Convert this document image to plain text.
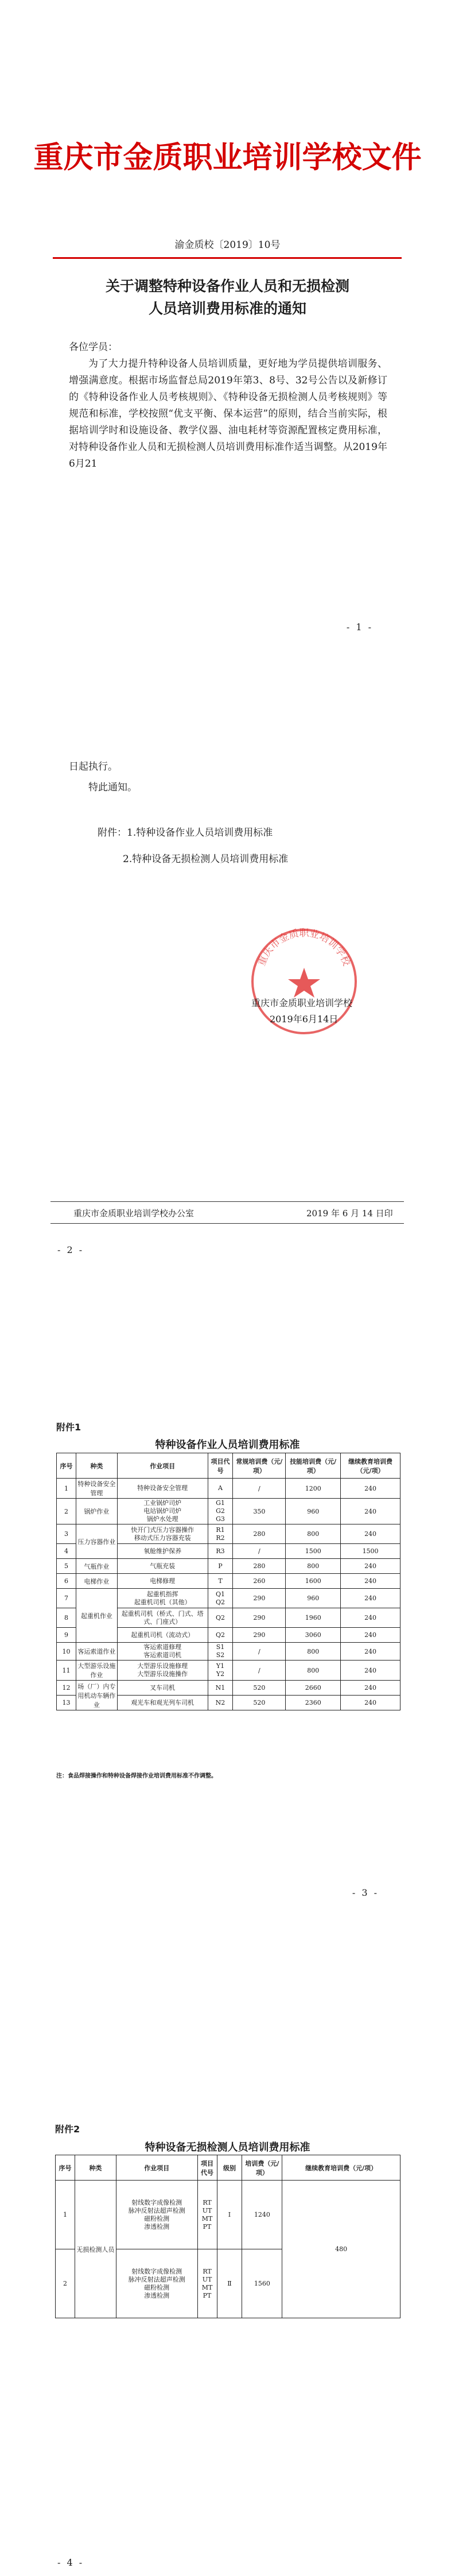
重庆市金质职业培训学校文件
渝金质校〔2019〕10号
关于调整特种设备作业人员和无损检测
人员培训费用标准的通知
各位学员：

为了大力提升特种设备人员培训质量，更好地为学员提供培训服务、增强满意度。根据市场监督总局2019年第3、8号、32号公告以及新修订的《特种设备作业人员考核规则》、《特种设备无损检测人员考核规则》等规范和标准，学校按照“优支平衡、保本运营”的原则，结合当前实际，根据培训学时和设施设备、教学仪器、油电耗材等资源配置核定费用标准，对特种设备作业人员和无损检测人员培训费用标准作适当调整。从2019年6月21

- 1 -
日起执行。
特此通知。
附件：1.特种设备作业人员培训费用标准
2.特种设备无损检测人员培训费用标准
重庆市金质职业培训学校
重庆市金质职业培训学校
2019年6月14日
重庆市金质职业培训学校办公室	2019 年 6 月 14 日印
- 2 -
附件1
特种设备作业人员培训费用标准
序号	种类	作业项目	项目代号	常规培训费（元/项）	技能培训费（元/项）	继续教育培训费（元/项）
1	特种设备安全管理	特种设备安全管理	A	/	1200	240
2	锅炉作业	工业锅炉司炉
电站锅炉司炉
锅炉水处理	G1
G2
G3	350	960	240
3	压力容器作业	快开门式压力容器操作
移动式压力容器充装	R1
R2	280	800	240
4		氧舱维护保养	R3	/	1500	1500
5	气瓶作业	气瓶充装	P	280	800	240
6	电梯作业	电梯修理	T	260	1600	240
7	起重机作业	起重机指挥
起重机司机（其他）	Q1
Q2	290	960	240
8		起重机司机（桥式、门式、塔式、门座式）	Q2	290	1960	240
9		起重机司机（流动式）	Q2	290	3060	240
10	客运索道作业	客运索道修理
客运索道司机	S1
S2	/	800	240
11	大型游乐设施作业	大型游乐设施修理
大型游乐设施操作	Y1
Y2	/	800	240
12	场（厂）内专用机动车辆作业	叉车司机	N1	520	2660	240
13		观光车和观光列车司机	N2	520	2360	240
注：食品焊接操作和特种设备焊接作业培训费用标准不作调整。
- 3 -
附件2
特种设备无损检测人员培训费用标准
序号	种类	作业项目	项目代号	级别	培训费（元/项）	继续教育培训费（元/项）
1	无损检测人员	射线数字成像检测
脉冲反射法超声检测
磁粉检测
渗透检测	RT
UT
MT
PT	Ⅰ	1240	480
2		射线数字成像检测
脉冲反射法超声检测
磁粉检测
渗透检测	RT
UT
MT
PT	Ⅱ	1560	
- 4 -
